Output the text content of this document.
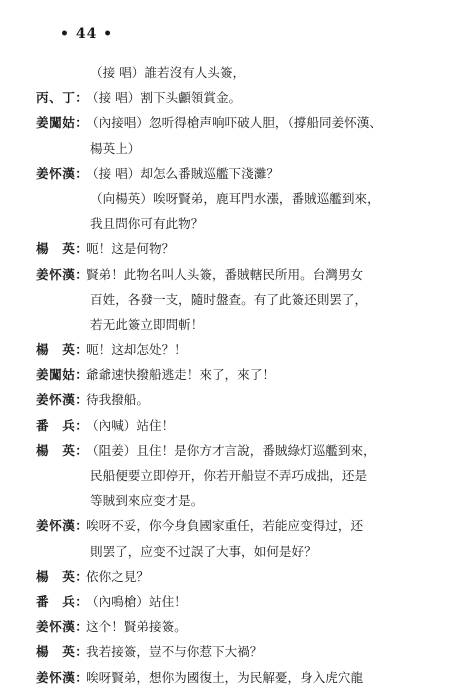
• 44 •
（接 唱）誰若沒有人头簽，
丙、丁：
（接 唱）割下头顱領賞金。
姜闖姑：
（內接唱）忽听得槍声响吓破人胆，（撐船同姜怀漢、
楊英上）
姜怀漢：
（接 唱）却怎么番賊巡艦下淺灘？
（向楊英）唉呀賢弟，鹿耳門水漲，番賊巡艦到來，
我且問你可有此物？
楊　英：
呃！这是何物？
姜怀漢：
賢弟！此物名叫人头簽，番賊轄民所用。台灣男女
百姓，各發一支，隨时盤查。有了此簽还則罢了，
若无此簽立即問斬！
楊　英：
呃！这却怎处？！
姜闖姑：
爺爺速快撥船逃走！來了，來了！
姜怀漢：
待我撥船。
番　兵：
（內喊）站住！
楊　英：
（阻姜）且住！是你方才言說，番賊綠灯巡艦到來，
民船便要立即停开，你若开船豈不弄巧成拙，还是
等賊到來应变才是。
姜怀漢：
唉呀不妥，你今身負國家重任，若能应变得过，还
則罢了，应变不过誤了大事，如何是好？
楊　英：
依你之見？
番　兵：
（內鳴槍）站住！
姜怀漢：
这个！賢弟接簽。
楊　英：
我若接簽，豈不与你惹下大禍？
姜怀漢：
唉呀賢弟，想你为國復土，为民解憂，身入虎穴龍
